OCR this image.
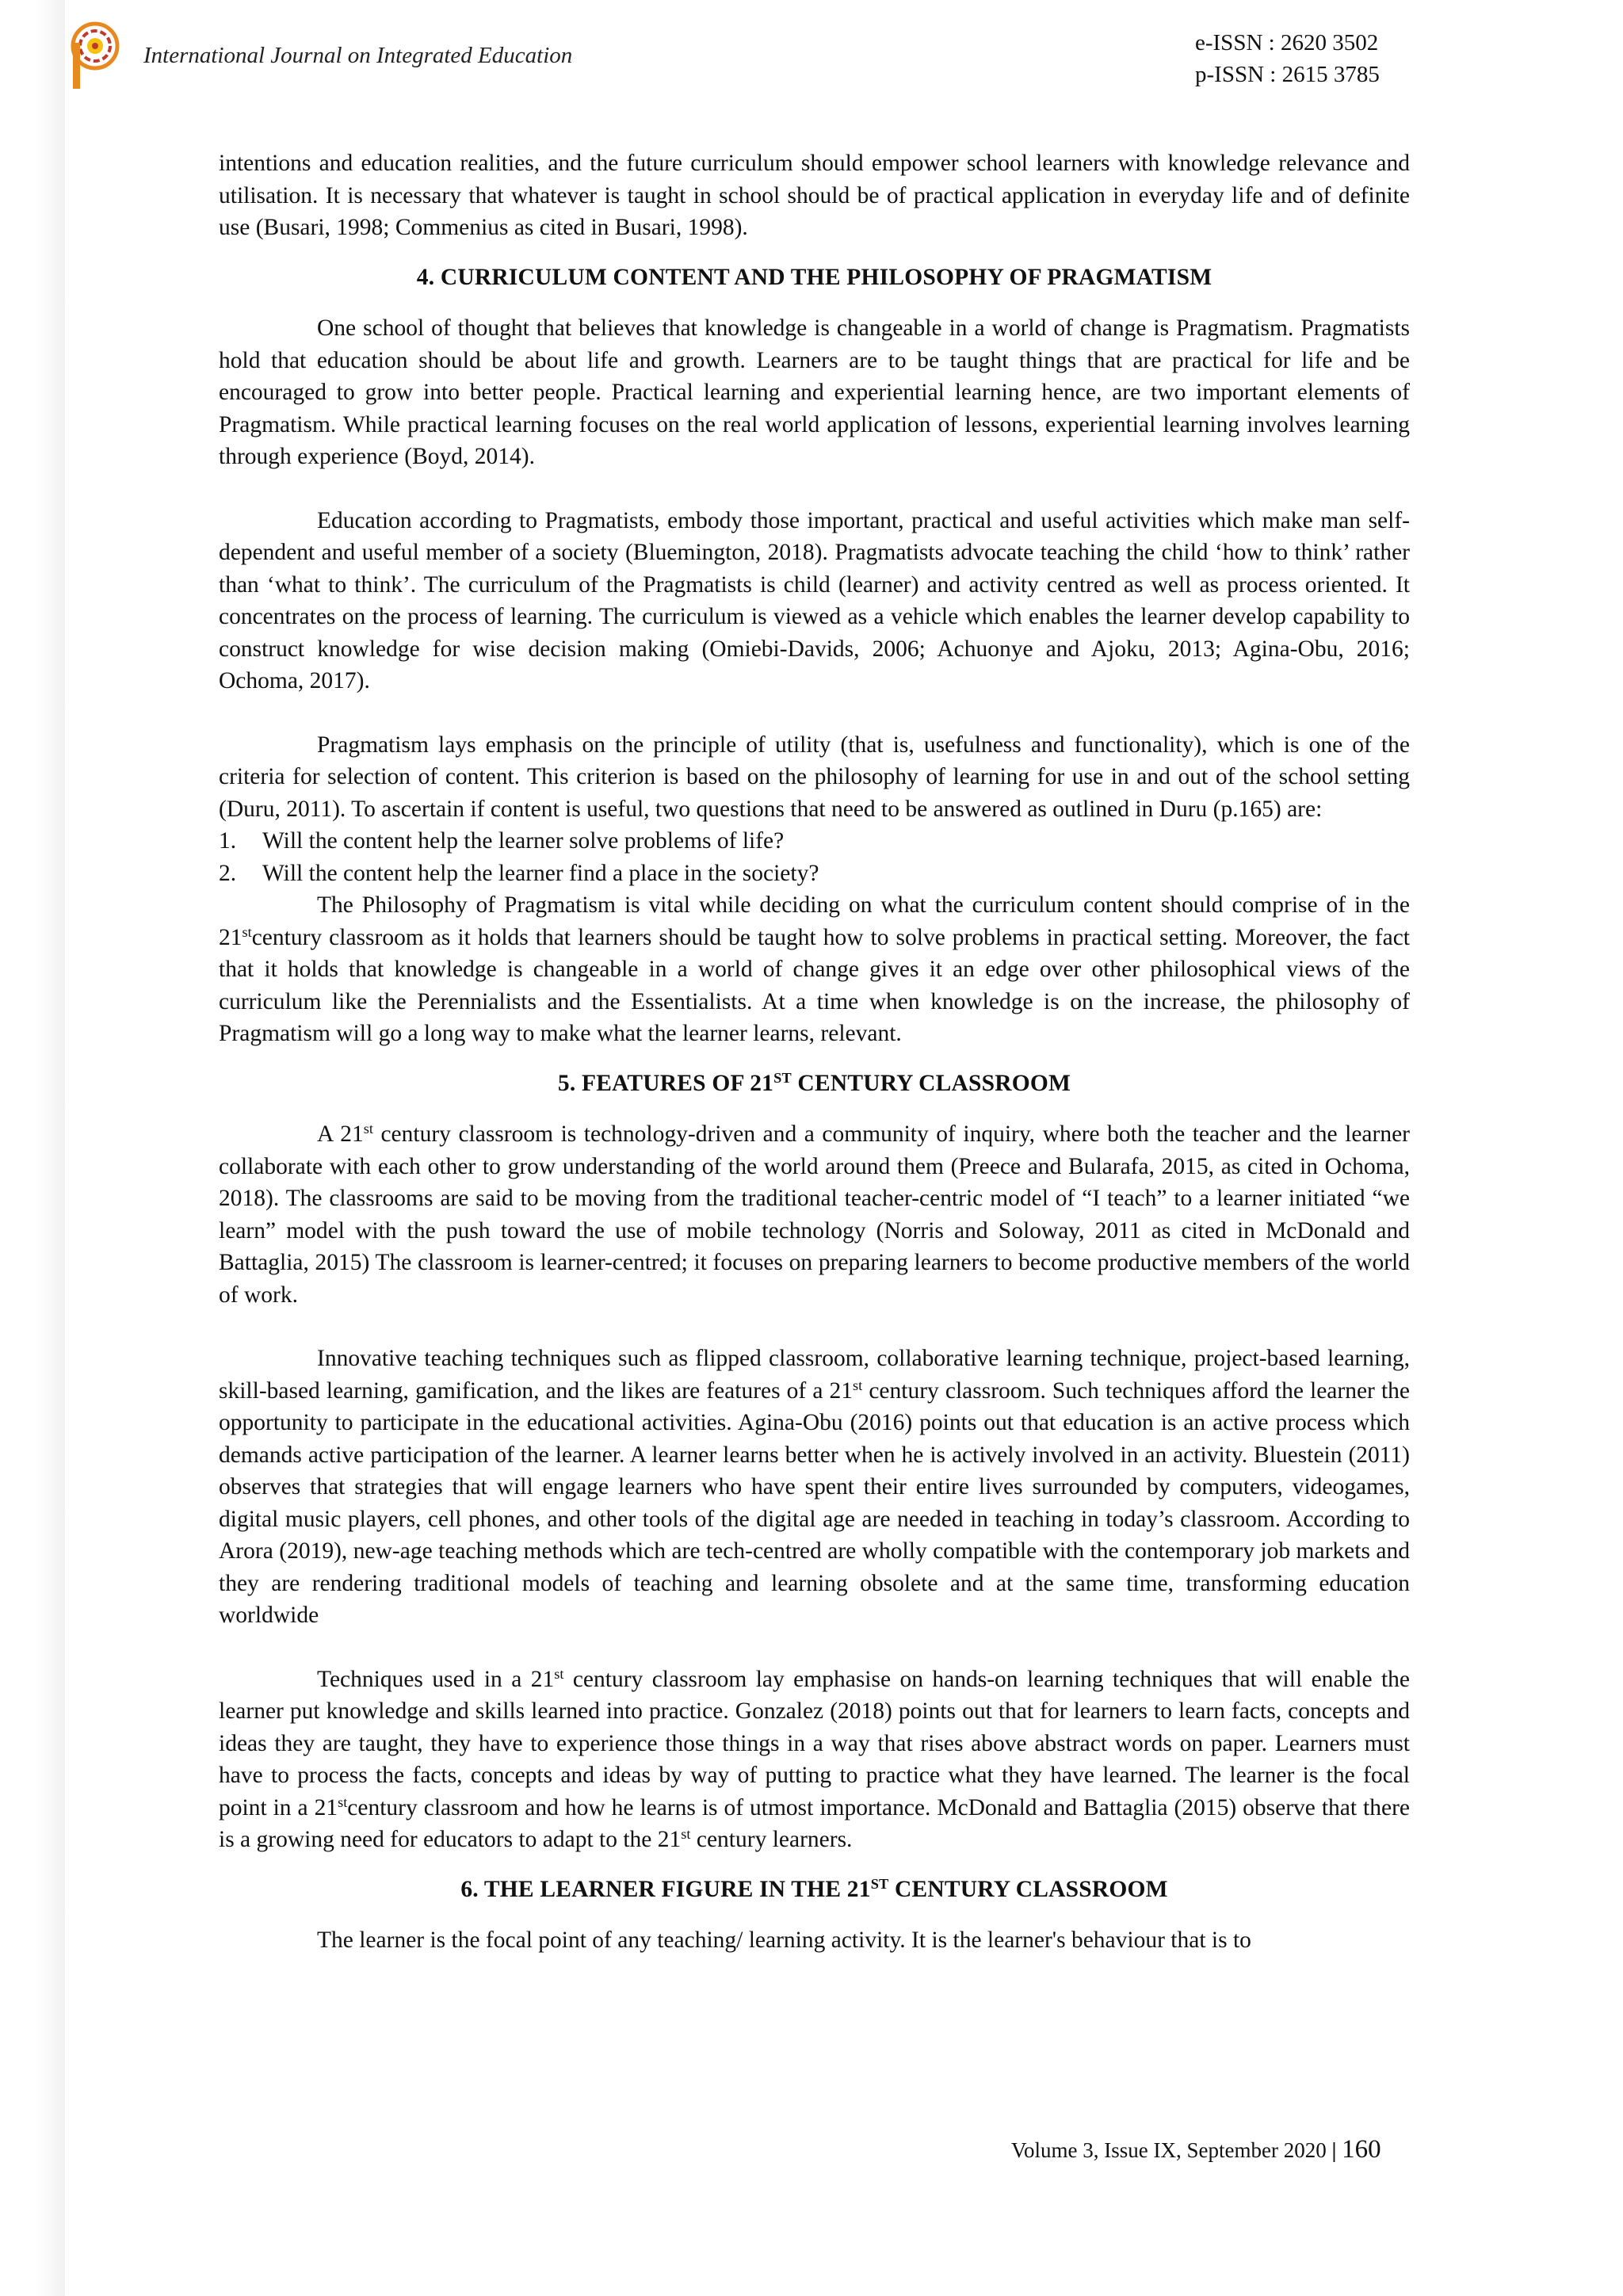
International Journal on Integrated Education	e-ISSN : 2620 3502
p-ISSN : 2615 3785

intentions and education realities, and the future curriculum should empower school learners with knowledge relevance and utilisation. It is necessary that whatever is taught in school should be of practical application in everyday life and of definite use (Busari, 1998; Commenius as cited in Busari, 1998).

4. CURRICULUM CONTENT AND THE PHILOSOPHY OF PRAGMATISM

One school of thought that believes that knowledge is changeable in a world of change is Pragmatism. Pragmatists hold that education should be about life and growth. Learners are to be taught things that are practical for life and be encouraged to grow into better people. Practical learning and experiential learning hence, are two important elements of Pragmatism. While practical learning focuses on the real world application of lessons, experiential learning involves learning through experience (Boyd, 2014).

Education according to Pragmatists, embody those important, practical and useful activities which make man self-dependent and useful member of a society (Bluemington, 2018). Pragmatists advocate teaching the child ‘how to think’ rather than ‘what to think’. The curriculum of the Pragmatists is child (learner) and activity centred as well as process oriented. It concentrates on the process of learning. The curriculum is viewed as a vehicle which enables the learner develop capability to construct knowledge for wise decision making (Omiebi-Davids, 2006; Achuonye and Ajoku, 2013; Agina-Obu, 2016; Ochoma, 2017).

Pragmatism lays emphasis on the principle of utility (that is, usefulness and functionality), which is one of the criteria for selection of content. This criterion is based on the philosophy of learning for use in and out of the school setting (Duru, 2011). To ascertain if content is useful, two questions that need to be answered as outlined in Duru (p.165) are:

1. Will the content help the learner solve problems of life?
2. Will the content help the learner find a place in the society?

The Philosophy of Pragmatism is vital while deciding on what the curriculum content should comprise of in the 21stcentury classroom as it holds that learners should be taught how to solve problems in practical setting. Moreover, the fact that it holds that knowledge is changeable in a world of change gives it an edge over other philosophical views of the curriculum like the Perennialists and the Essentialists. At a time when knowledge is on the increase, the philosophy of Pragmatism will go a long way to make what the learner learns, relevant.

5. FEATURES OF 21ST CENTURY CLASSROOM

A 21st century classroom is technology-driven and a community of inquiry, where both the teacher and the learner collaborate with each other to grow understanding of the world around them (Preece and Bularafa, 2015, as cited in Ochoma, 2018). The classrooms are said to be moving from the traditional teacher-centric model of “I teach” to a learner initiated “we learn” model with the push toward the use of mobile technology (Norris and Soloway, 2011 as cited in McDonald and Battaglia, 2015) The classroom is learner-centred; it focuses on preparing learners to become productive members of the world of work.

Innovative teaching techniques such as flipped classroom, collaborative learning technique, project-based learning, skill-based learning, gamification, and the likes are features of a 21st century classroom. Such techniques afford the learner the opportunity to participate in the educational activities. Agina-Obu (2016) points out that education is an active process which demands active participation of the learner. A learner learns better when he is actively involved in an activity. Bluestein (2011) observes that strategies that will engage learners who have spent their entire lives surrounded by computers, videogames, digital music players, cell phones, and other tools of the digital age are needed in teaching in today’s classroom. According to Arora (2019), new-age teaching methods which are tech-centred are wholly compatible with the contemporary job markets and they are rendering traditional models of teaching and learning obsolete and at the same time, transforming education worldwide

Techniques used in a 21st century classroom lay emphasise on hands-on learning techniques that will enable the learner put knowledge and skills learned into practice. Gonzalez (2018) points out that for learners to learn facts, concepts and ideas they are taught, they have to experience those things in a way that rises above abstract words on paper. Learners must have to process the facts, concepts and ideas by way of putting to practice what they have learned. The learner is the focal point in a 21stcentury classroom and how he learns is of utmost importance. McDonald and Battaglia (2015) observe that there is a growing need for educators to adapt to the 21st century learners.

6. THE LEARNER FIGURE IN THE 21ST CENTURY CLASSROOM

The learner is the focal point of any teaching/ learning activity. It is the learner's behaviour that is to

Volume 3, Issue IX, September 2020 | 160
